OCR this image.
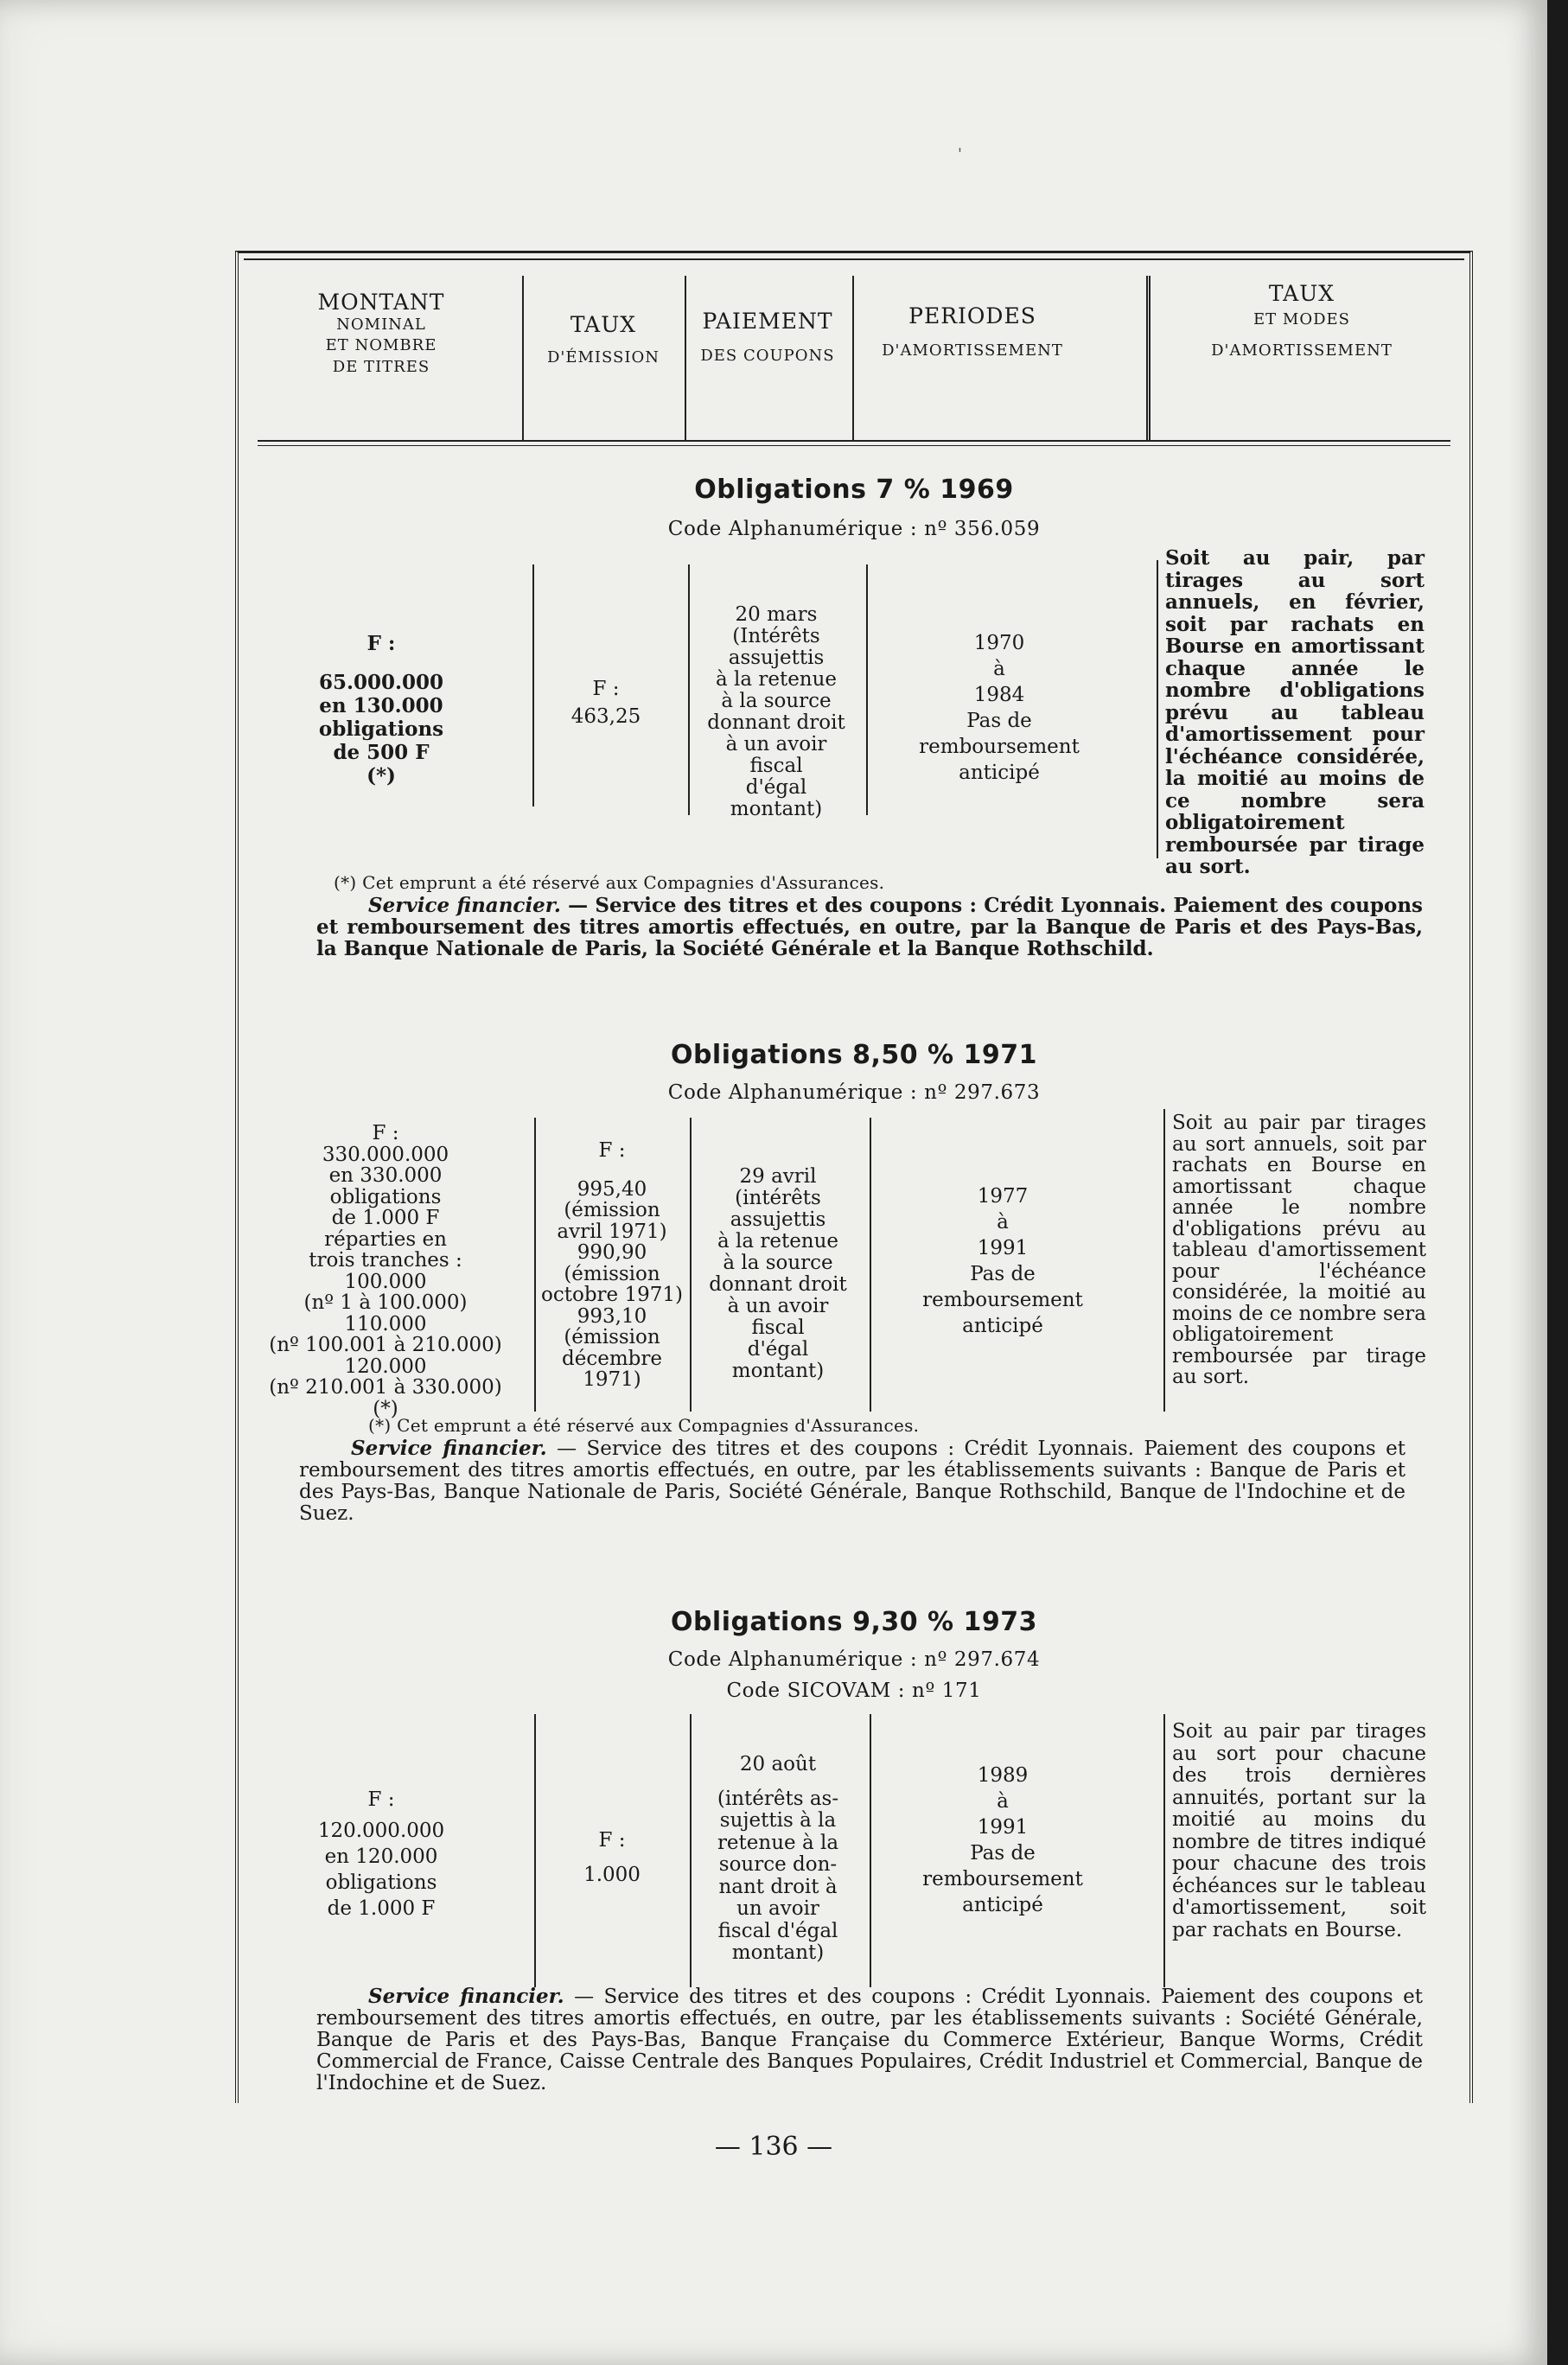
'
MONTANT
NOMINAL
ET NOMBRE
DE TITRES
TAUX
D'ÉMISSION
PAIEMENT
DES COUPONS
PERIODES
D'AMORTISSEMENT
TAUX
ET MODES
D'AMORTISSEMENT
Obligations 7 % 1969
Code Alphanumérique : nº 356.059
F :
65.000.000
en 130.000
obligations
de 500 F
(*)
F :
463,25
20 mars
(Intérêts
assujettis
à la retenue
à la source
donnant droit
à un avoir
fiscal
d'égal
montant)
1970
à
1984
Pas de
remboursement
anticipé
Soit au pair, par tirages au sort annuels, en février, soit par rachats en Bourse en amortissant chaque année le nombre d'obligations prévu au tableau d'amortissement pour l'échéance considérée, la moitié au moins de ce nombre sera obligatoirement remboursée par tirage au sort.
(*) Cet emprunt a été réservé aux Compagnies d'Assurances.
Service financier. — Service des titres et des coupons : Crédit Lyonnais. Paiement des coupons et remboursement des titres amortis effectués, en outre, par la Banque de Paris et des Pays-Bas, la Banque Nationale de Paris, la Société Générale et la Banque Rothschild.
Obligations 8,50 % 1971
Code Alphanumérique : nº 297.673
F :
330.000.000
en 330.000
obligations
de 1.000 F
réparties en
trois tranches :
100.000
(nº 1 à 100.000)
110.000
(nº 100.001 à 210.000)
120.000
(nº 210.001 à 330.000)
(*)
F :
995,40
(émission
avril 1971)
990,90
(émission
octobre 1971)
993,10
(émission
décembre
1971)
29 avril
(intérêts
assujettis
à la retenue
à la source
donnant droit
à un avoir
fiscal
d'égal
montant)
1977
à
1991
Pas de
remboursement
anticipé
Soit au pair par tirages au sort annuels, soit par rachats en Bourse en amortissant chaque année le nombre d'obligations prévu au tableau d'amortissement pour l'échéance considérée, la moitié au moins de ce nombre sera obligatoirement remboursée par tirage au sort.
(*) Cet emprunt a été réservé aux Compagnies d'Assurances.
Service financier. — Service des titres et des coupons : Crédit Lyonnais. Paiement des coupons et remboursement des titres amortis effectués, en outre, par les établissements suivants : Banque de Paris et des Pays-Bas, Banque Nationale de Paris, Société Générale, Banque Rothschild, Banque de l'Indochine et de Suez.
Obligations 9,30 % 1973
Code Alphanumérique : nº 297.674
Code SICOVAM : nº 171
F :
120.000.000
en 120.000
obligations
de 1.000 F
F :
1.000
20 août
(intérêts as-
sujettis à la
retenue à la
source don-
nant droit à
un avoir
fiscal d'égal
montant)
1989
à
1991
Pas de
remboursement
anticipé
Soit au pair par tirages au sort pour chacune des trois dernières annuités, portant sur la moitié au moins du nombre de titres indiqué pour chacune des trois échéances sur le tableau d'amortissement, soit par rachats en Bourse.
Service financier. — Service des titres et des coupons : Crédit Lyonnais. Paiement des coupons et remboursement des titres amortis effectués, en outre, par les établissements suivants : Société Générale, Banque de Paris et des Pays-Bas, Banque Française du Commerce Extérieur, Banque Worms, Crédit Commercial de France, Caisse Centrale des Banques Populaires, Crédit Industriel et Commercial, Banque de l'Indochine et de Suez.
— 136 —
